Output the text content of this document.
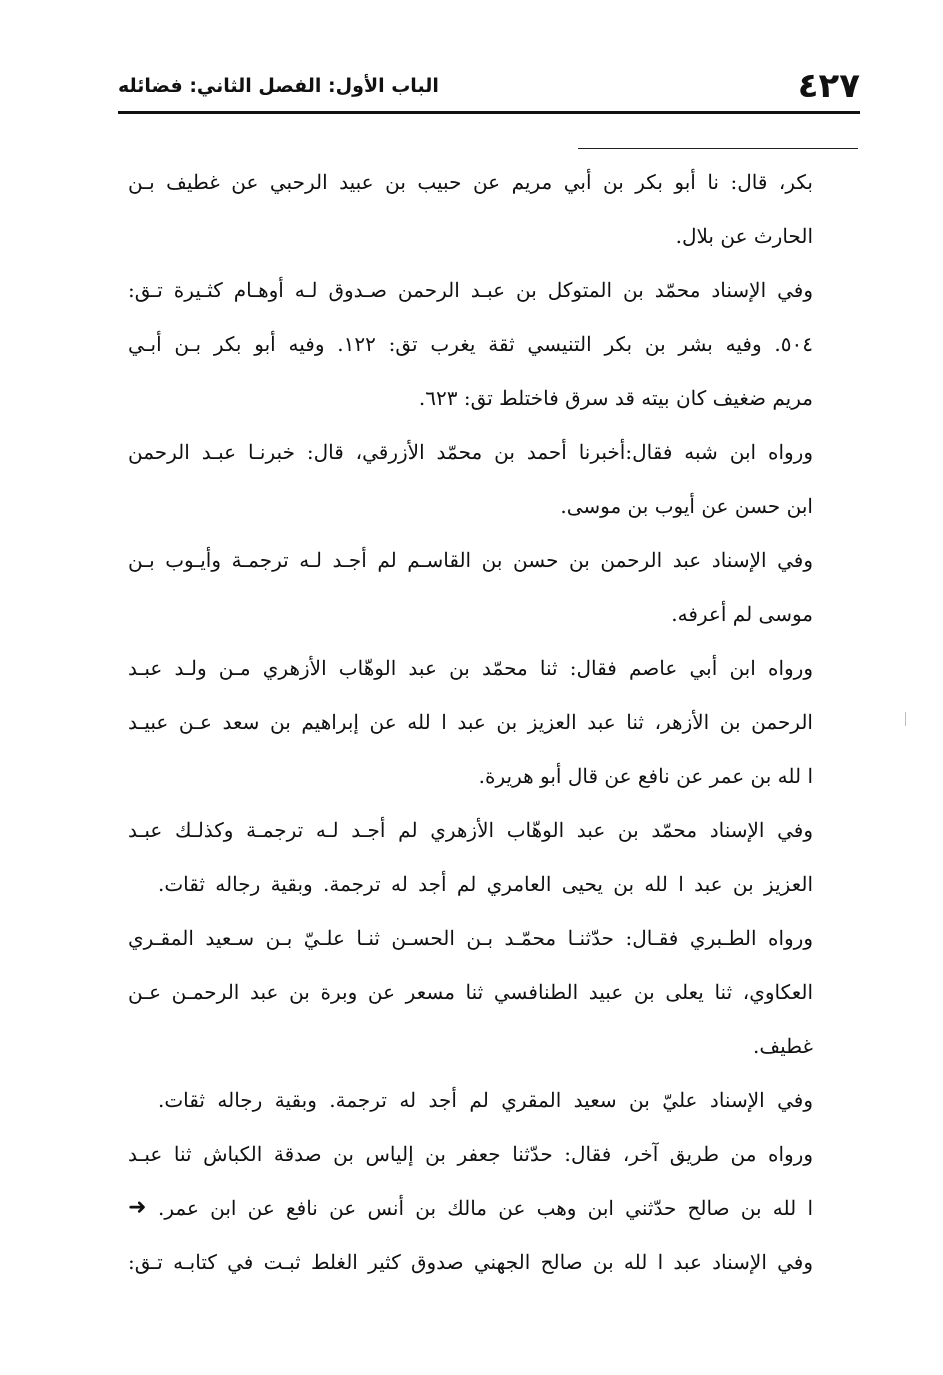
٤٢٧
الباب الأول: الفصل الثاني: فضائله
بكر، قال: نا أبو بكر بن أبي مريم عن حبيب بن عبيد الرحبي عن غطيف بـن
الحارث عن بلال.
وفي الإسناد محمّد بن المتوكل بن عبـد الرحمن صـدوق لـه أوهـام كثـيرة تـق:
٥٠٤. وفيه بشر بن بكر التنيسي ثقة يغرب تق: ١٢٢. وفيه أبو بكر بـن أبـي
مريم ضغيف كان بيته قد سرق فاختلط تق: ٦٢٣.
ورواه ابن شبه فقال:أخبرنا أحمد بن محمّد الأزرقي، قال: خبرنـا عبـد الرحمن
ابن حسن عن أيوب بن موسى.
وفي الإسناد عبد الرحمن بن حسن بن القاسـم لم أجـد لـه ترجمـة وأيـوب بـن
موسى لم أعرفه.
ورواه ابن أبي عاصم فقال: ثنا محمّد بن عبد الوهّاب الأزهري مـن ولـد عبـد
الرحمن بن الأزهر، ثنا عبد العزيز بن عبد ا لله عن إبراهيم بن سعد عـن عبيـد
ا لله بن عمر عن نافع عن قال أبو هريرة.
وفي الإسناد محمّد بن عبد الوهّاب الأزهري لم أجـد لـه ترجمـة وكذلـك عبـد
العزيز بن عبد ا لله بن يحيى العامري لم أجد له ترجمة. وبقية رجاله ثقات.
ورواه الطـبري فقـال: حدّثنـا محمّـد بـن الحسـن ثنـا علـيّ بـن سـعيد المقـري
العكاوي، ثنا يعلى بن عبيد الطنافسي ثنا مسعر عن وبرة بن عبد الرحمـن عـن
غطيف.
وفي الإسناد عليّ بن سعيد المقري لم أجد له ترجمة. وبقية رجاله ثقات.
ورواه من طريق آخر، فقال: حدّثنا جعفر بن إلياس بن صدقة الكباش ثنا عبـد
ا لله بن صالح حدّثني ابن وهب عن مالك بن أنس عن نافع عن ابن عمر.
وفي الإسناد عبد ا لله بن صالح الجهني صدوق كثير الغلط ثبـت في كتابـه تـق:
➜
